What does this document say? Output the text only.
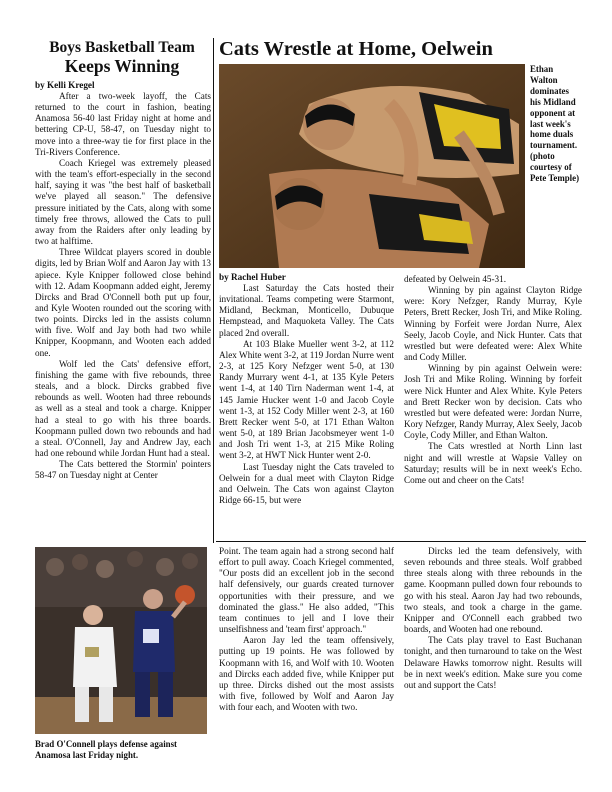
Boys Basketball Team
Keeps Winning
by Kelli Kregel

After a two-week layoff, the Cats returned to the court in fashion, beating Anamosa 56-40 last Friday night at home and bettering CP-U, 58-47, on Tuesday night to move into a three-way tie for first place in the Tri-Rivers Conference.

Coach Kriegel was extremely pleased with the team's effort-especially in the second half, saying it was "the best half of basketball we've played all season." The defensive pressure initiated by the Cats, along with some timely free throws, allowed the Cats to pull away from the Raiders after only leading by two at halftime.

Three Wildcat players scored in double digits, led by Brian Wolf and Aaron Jay with 13 apiece. Kyle Knipper followed close behind with 12. Adam Koopmann added eight, Jeremy Dircks and Brad O'Connell both put up four, and Kyle Wooten rounded out the scoring with two points. Dircks led in the assists column with five. Wolf and Jay both had two while Knipper, Koopmann, and Wooten each added one.

Wolf led the Cats' defensive effort, finishing the game with five rebounds, three steals, and a block. Dircks grabbed five rebounds as well. Wooten had three rebounds as well as a steal and took a charge. Knipper had a steal to go with his three boards. Koopmann pulled down two rebounds and had a steal. O'Connell, Jay and Andrew Jay, each had one rebound while Jordan Hunt had a steal.

The Cats bettered the Stormin' pointers 58-47 on Tuesday night at Center

Brad O'Connell plays defense against Anamosa last Friday night.
Cats Wrestle at Home, Oelwein
Ethan Walton dominates his Midland opponent at last week's home duals tournament. (photo courtesy of Pete Temple)
by Rachel Huber

Last Saturday the Cats hosted their invitational. Teams competing were Starmont, Midland, Beckman, Monticello, Dubuque Hempstead, and Maquoketa Valley. The Cats placed 2nd overall.

At 103 Blake Mueller went 3-2, at 112 Alex White went 3-2, at 119 Jordan Nurre went 2-3, at 125 Kory Nefzger went 5-0, at 130 Randy Murrary went 4-1, at 135 Kyle Peters went 1-4, at 140 Tirn Naderman went 1-4, at 145 Jamie Hucker went 1-0 and Jacob Coyle went 1-3, at 152 Cody Miller went 2-3, at 160 Brett Recker went 5-0, at 171 Ethan Walton went 5-0, at 189 Brian Jacobsmeyer went 1-0 and Josh Tri went 1-3, at 215 Mike Roling went 3-2, at HWT Nick Hunter went 2-0.

Last Tuesday night the Cats traveled to Oelwein for a dual meet with Clayton Ridge and Oelwein. The Cats won against Clayton Ridge 66-15, but were

defeated by Oelwein 45-31.

Winning by pin against Clayton Ridge were: Kory Nefzger, Randy Murray, Kyle Peters, Brett Recker, Josh Tri, and Mike Roling. Winning by Forfeit were Jordan Nurre, Alex Seely, Jacob Coyle, and Nick Hunter. Cats that wrestled but were defeated were: Alex White and Cody Miller.

Winning by pin against Oelwein were: Josh Tri and Mike Roling. Winning by forfeit were Nick Hunter and Alex White. Kyle Peters and Brett Recker won by decision. Cats who wrestled but were defeated were: Jordan Nurre, Kory Nefzger, Randy Murray, Alex Seely, Jacob Coyle, Cody Miller, and Ethan Walton.

The Cats wrestled at North Linn last night and will wrestle at Wapsie Valley on Saturday; results will be in next week's Echo. Come out and cheer on the Cats!

Point. The team again had a strong second half effort to pull away. Coach Kriegel commented, "Our posts did an excellent job in the second half defensively, our guards created turnover opportunities with their pressure, and we dominated the glass." He also added, "This team continues to jell and I love their unselfishness and 'team first' approach."

Aaron Jay led the team offensively, putting up 19 points. He was followed by Koopmann with 16, and Wolf with 10. Wooten and Dircks each added five, while Knipper put up three. Dircks dished out the most assists with five, followed by Wolf and Aaron Jay with four each, and Wooten with two.

Dircks led the team defensively, with seven rebounds and three steals. Wolf grabbed three steals along with three rebounds in the game. Koopmann pulled down four rebounds to go with his steal. Aaron Jay had two rebounds, two steals, and took a charge in the game. Knipper and O'Connell each grabbed two boards, and Wooten had one rebound.

The Cats play travel to East Buchanan tonight, and then turnaround to take on the West Delaware Hawks tomorrow night. Results will be in next week's edition. Make sure you come out and support the Cats!
